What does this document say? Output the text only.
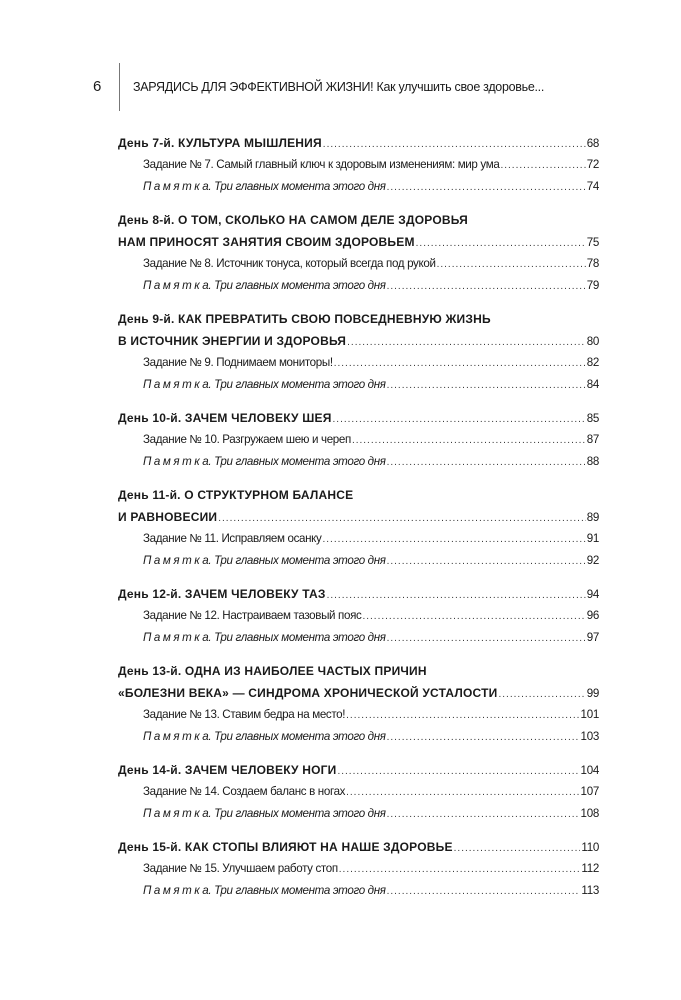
6	ЗАРЯДИСЬ ДЛЯ ЭФФЕКТИВНОЙ ЖИЗНИ! Как улучшить свое здоровье...
День 7-й. КУЛЬТУРА МЫШЛЕНИЯ .....	68
Задание № 7. Самый главный ключ к здоровым изменениям: мир ума .....	72
П а м я т к а. Три главных момента этого дня .....	74
День 8-й. О ТОМ, СКОЛЬКО НА САМОМ ДЕЛЕ ЗДОРОВЬЯ
НАМ ПРИНОСЯТ ЗАНЯТИЯ СВОИМ ЗДОРОВЬЕМ .....	75
Задание № 8. Источник тонуса, который всегда под рукой .....	78
П а м я т к а. Три главных момента этого дня .....	79
День 9-й. КАК ПРЕВРАТИТЬ СВОЮ ПОВСЕДНЕВНУЮ ЖИЗНЬ
В ИСТОЧНИК ЭНЕРГИИ И ЗДОРОВЬЯ .....	80
Задание № 9. Поднимаем мониторы! .....	82
П а м я т к а. Три главных момента этого дня .....	84
День 10-й. ЗАЧЕМ ЧЕЛОВЕКУ ШЕЯ .....	85
Задание № 10. Разгружаем шею и череп .....	87
П а м я т к а. Три главных момента этого дня .....	88
День 11-й. О СТРУКТУРНОМ БАЛАНСЕ
И РАВНОВЕСИИ .....	89
Задание № 11. Исправляем осанку .....	91
П а м я т к а. Три главных момента этого дня .....	92
День 12-й. ЗАЧЕМ ЧЕЛОВЕКУ ТАЗ .....	94
Задание № 12. Настраиваем тазовый пояс .....	96
П а м я т к а. Три главных момента этого дня .....	97
День 13-й. ОДНА ИЗ НАИБОЛЕЕ ЧАСТЫХ ПРИЧИН
«БОЛЕЗНИ ВЕКА» — СИНДРОМА ХРОНИЧЕСКОЙ УСТАЛОСТИ .....	99
Задание № 13. Ставим бедра на место! .....	101
П а м я т к а. Три главных момента этого дня .....	103
День 14-й. ЗАЧЕМ ЧЕЛОВЕКУ НОГИ .....	104
Задание № 14. Создаем баланс в ногах .....	107
П а м я т к а. Три главных момента этого дня .....	108
День 15-й. КАК СТОПЫ ВЛИЯЮТ НА НАШЕ ЗДОРОВЬЕ .....	110
Задание № 15. Улучшаем работу стоп .....	112
П а м я т к а. Три главных момента этого дня .....	113
